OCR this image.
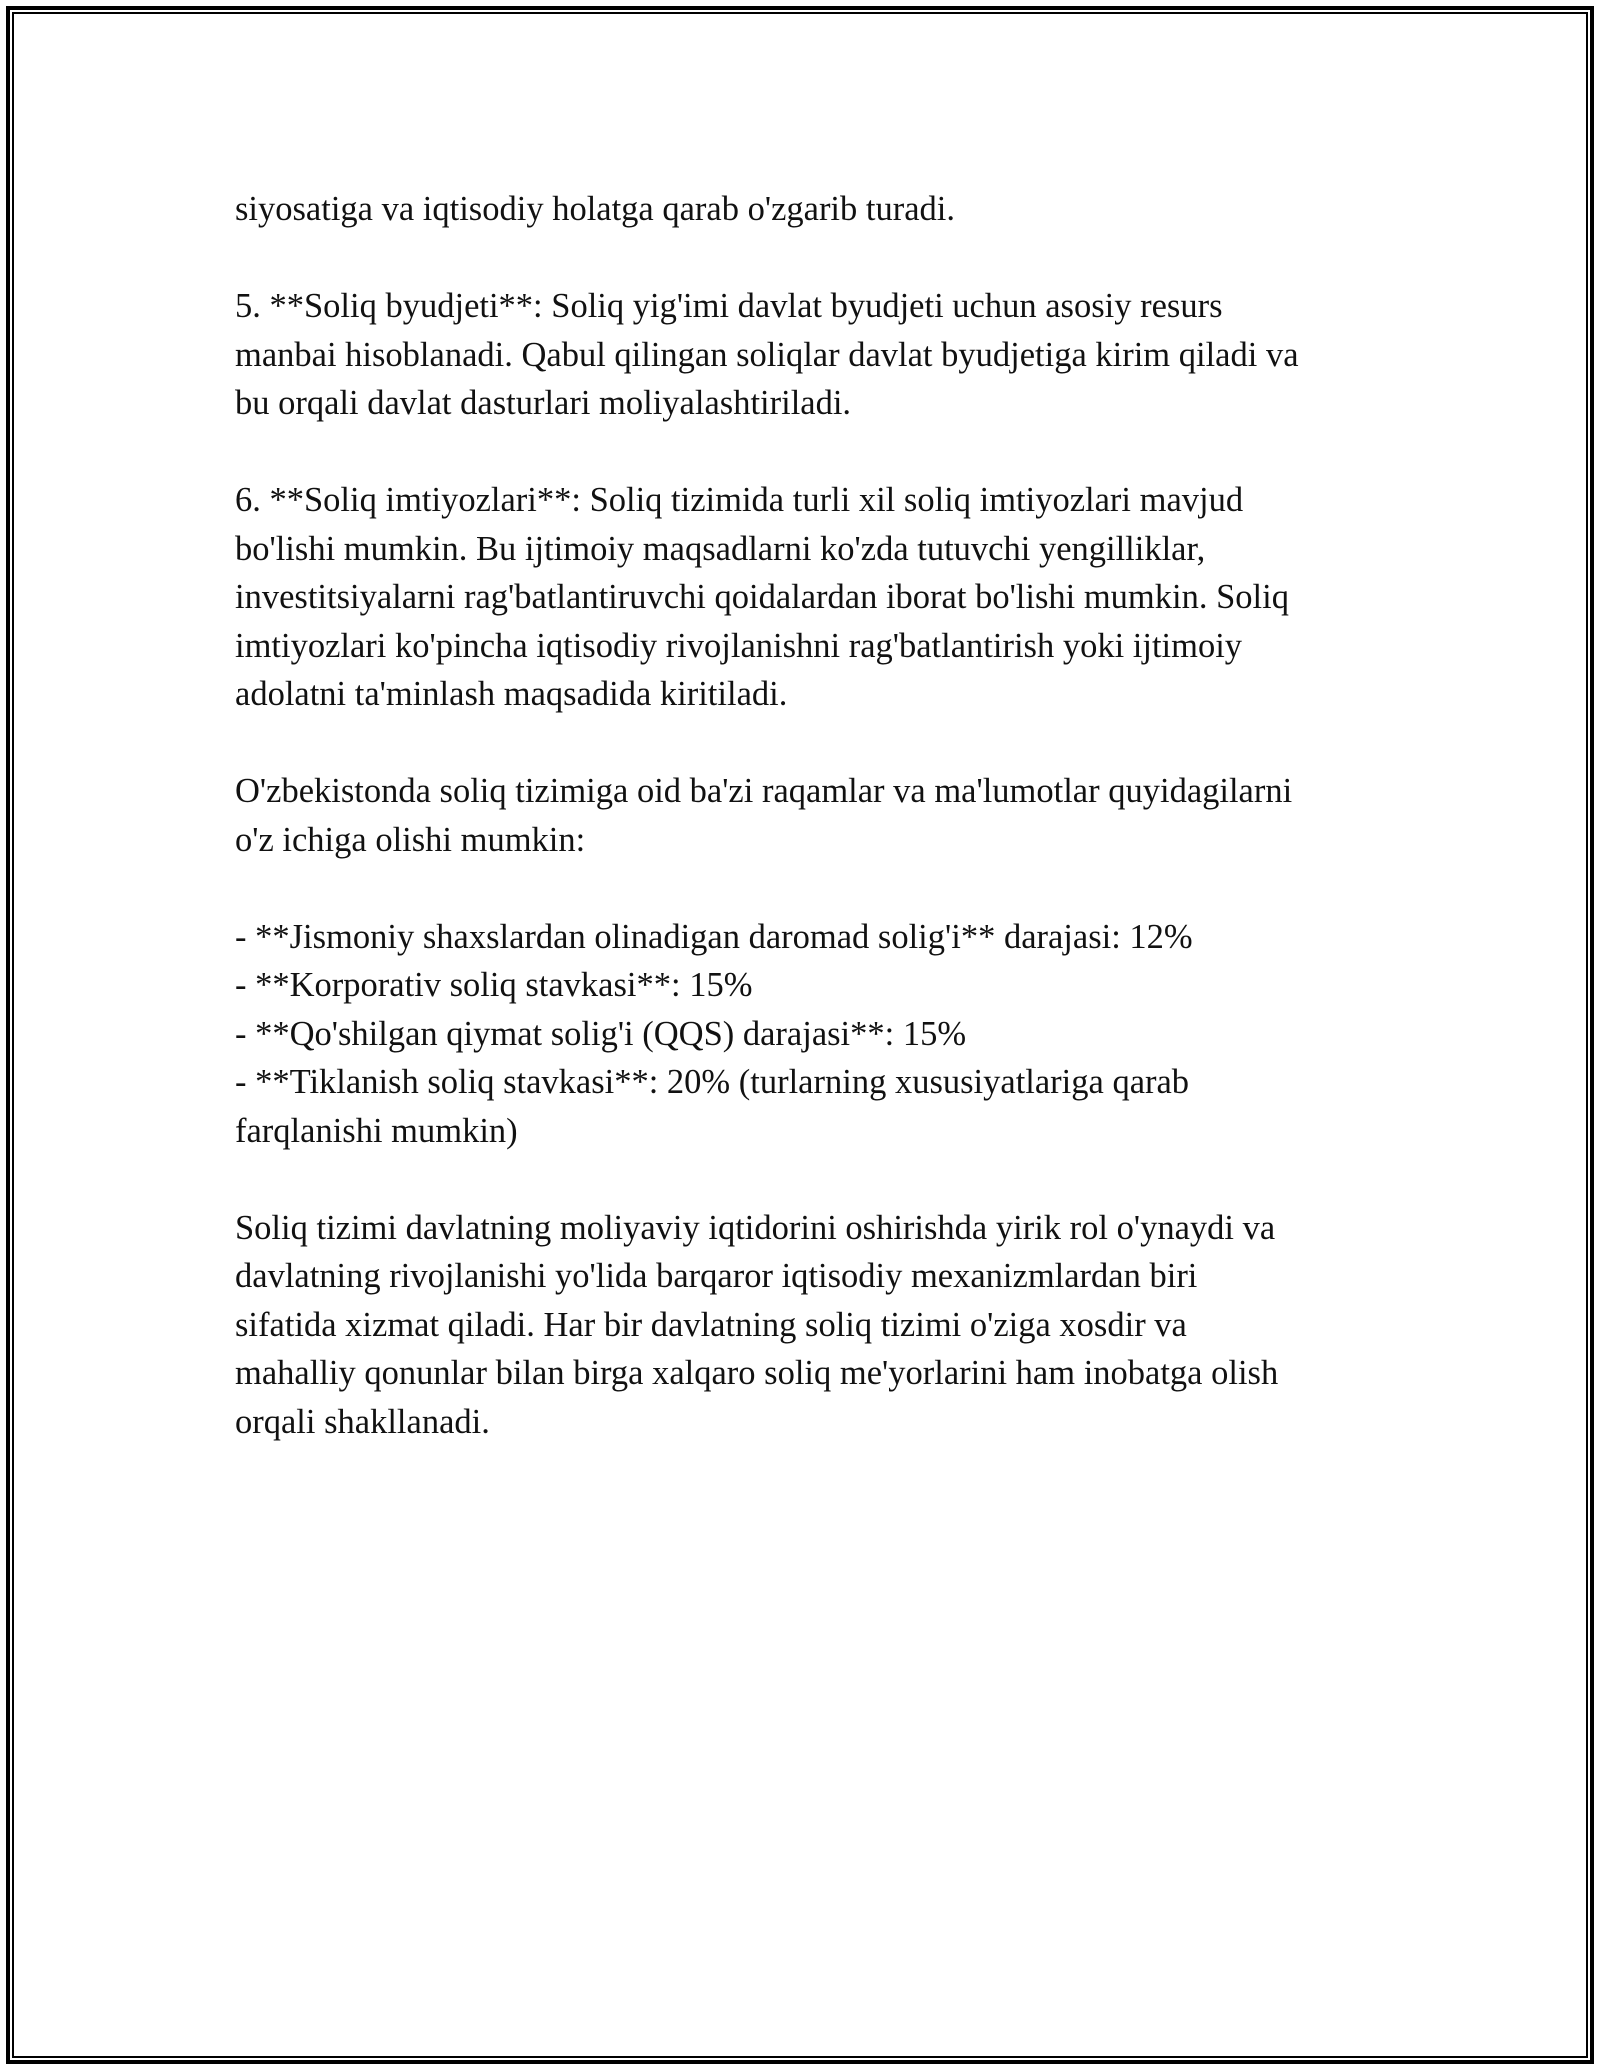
siyosatiga va iqtisodiy holatga qarab o'zgarib turadi.

5. **Soliq byudjeti**: Soliq yig'imi davlat byudjeti uchun asosiy resurs
manbai hisoblanadi. Qabul qilingan soliqlar davlat byudjetiga kirim qiladi va
bu orqali davlat dasturlari moliyalashtiriladi.

6. **Soliq imtiyozlari**: Soliq tizimida turli xil soliq imtiyozlari mavjud
bo'lishi mumkin. Bu ijtimoiy maqsadlarni ko'zda tutuvchi yengilliklar,
investitsiyalarni rag'batlantiruvchi qoidalardan iborat bo'lishi mumkin. Soliq
imtiyozlari ko'pincha iqtisodiy rivojlanishni rag'batlantirish yoki ijtimoiy
adolatni ta'minlash maqsadida kiritiladi.

O'zbekistonda soliq tizimiga oid ba'zi raqamlar va ma'lumotlar quyidagilarni
o'z ichiga olishi mumkin:

- **Jismoniy shaxslardan olinadigan daromad solig'i** darajasi: 12%
- **Korporativ soliq stavkasi**: 15%
- **Qo'shilgan qiymat solig'i (QQS) darajasi**: 15%
- **Tiklanish soliq stavkasi**: 20% (turlarning xususiyatlariga qarab
farqlanishi mumkin)

Soliq tizimi davlatning moliyaviy iqtidorini oshirishda yirik rol o'ynaydi va
davlatning rivojlanishi yo'lida barqaror iqtisodiy mexanizmlardan biri
sifatida xizmat qiladi. Har bir davlatning soliq tizimi o'ziga xosdir va
mahalliy qonunlar bilan birga xalqaro soliq me'yorlarini ham inobatga olish
orqali shakllanadi.
